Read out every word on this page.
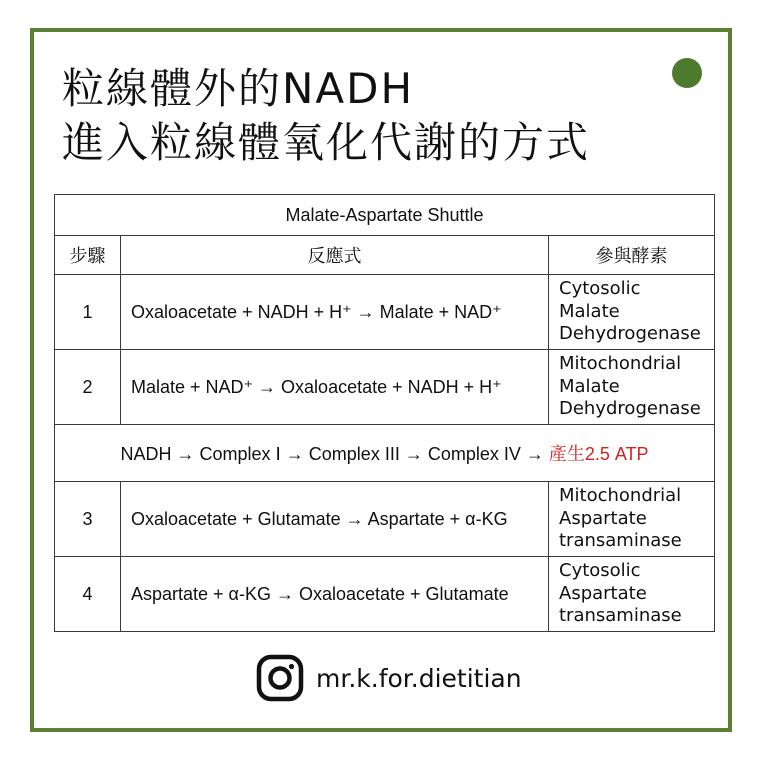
粒線體外的NADH
進入粒線體氧化代謝的方式
Malate-Aspartate Shuttle		
步驟	反應式	參與酵素
1	Oxaloacetate + NADH + H⁺ → Malate + NAD⁺	Cytosolic
Malate
Dehydrogenase

2	Malate + NAD⁺ → Oxaloacetate + NADH + H⁺	Mitochondrial
Malate
Dehydrogenase

NADH → Complex Ⅰ → Complex III → Complex IV → 產生2.5 ATP		
3	Oxaloacetate + Glutamate → Aspartate + α-KG	Mitochondrial
Aspartate
transaminase

4	Aspartate + α-KG → Oxaloacetate + Glutamate	Cytosolic
Aspartate
transaminase
mr.k.for.dietitian
